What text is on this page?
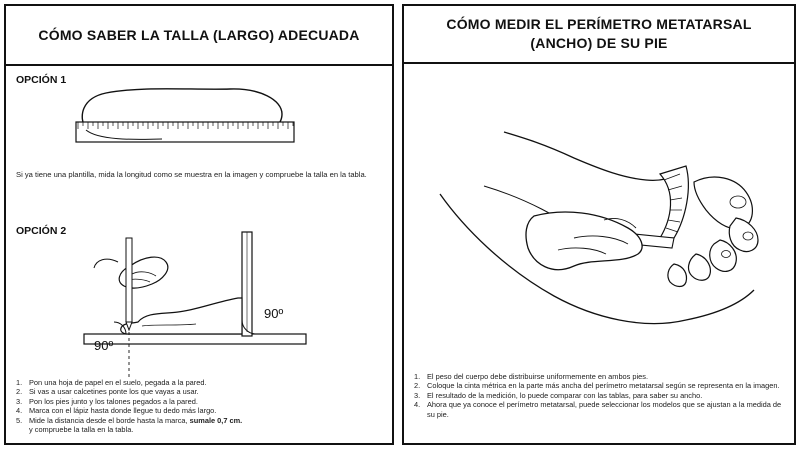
CÓMO SABER LA TALLA (LARGO) ADECUADA
OPCIÓN 1
Si ya tiene una plantilla, mida la longitud como se muestra en la imagen y compruebe la talla en la tabla.
OPCIÓN 2
90º
90º
1. Pon una hoja de papel en el suelo, pegada a la pared.
2. Si vas a usar calcetines ponte los que vayas a usar.
3. Pon los pies junto y los talones pegados a la pared.
4. Marca con el lápiz hasta donde llegue tu dedo más largo.
5. Mide la distancia desde el borde hasta la marca, sumale 0,7 cm.
y compruebe la talla en la tabla.
CÓMO MEDIR EL PERÍMETRO METATARSAL
(ANCHO) DE SU PIE
1. El peso del cuerpo debe distribuirse uniformemente en ambos pies.
2. Coloque la cinta métrica en la parte más ancha del perímetro metatarsal según se representa en la imagen.
3. El resultado de la medición, lo puede comparar con las tablas, para saber su ancho.
4. Ahora que ya conoce el perímetro metatarsal, puede seleccionar los modelos que se ajustan a la medida de su pie.
